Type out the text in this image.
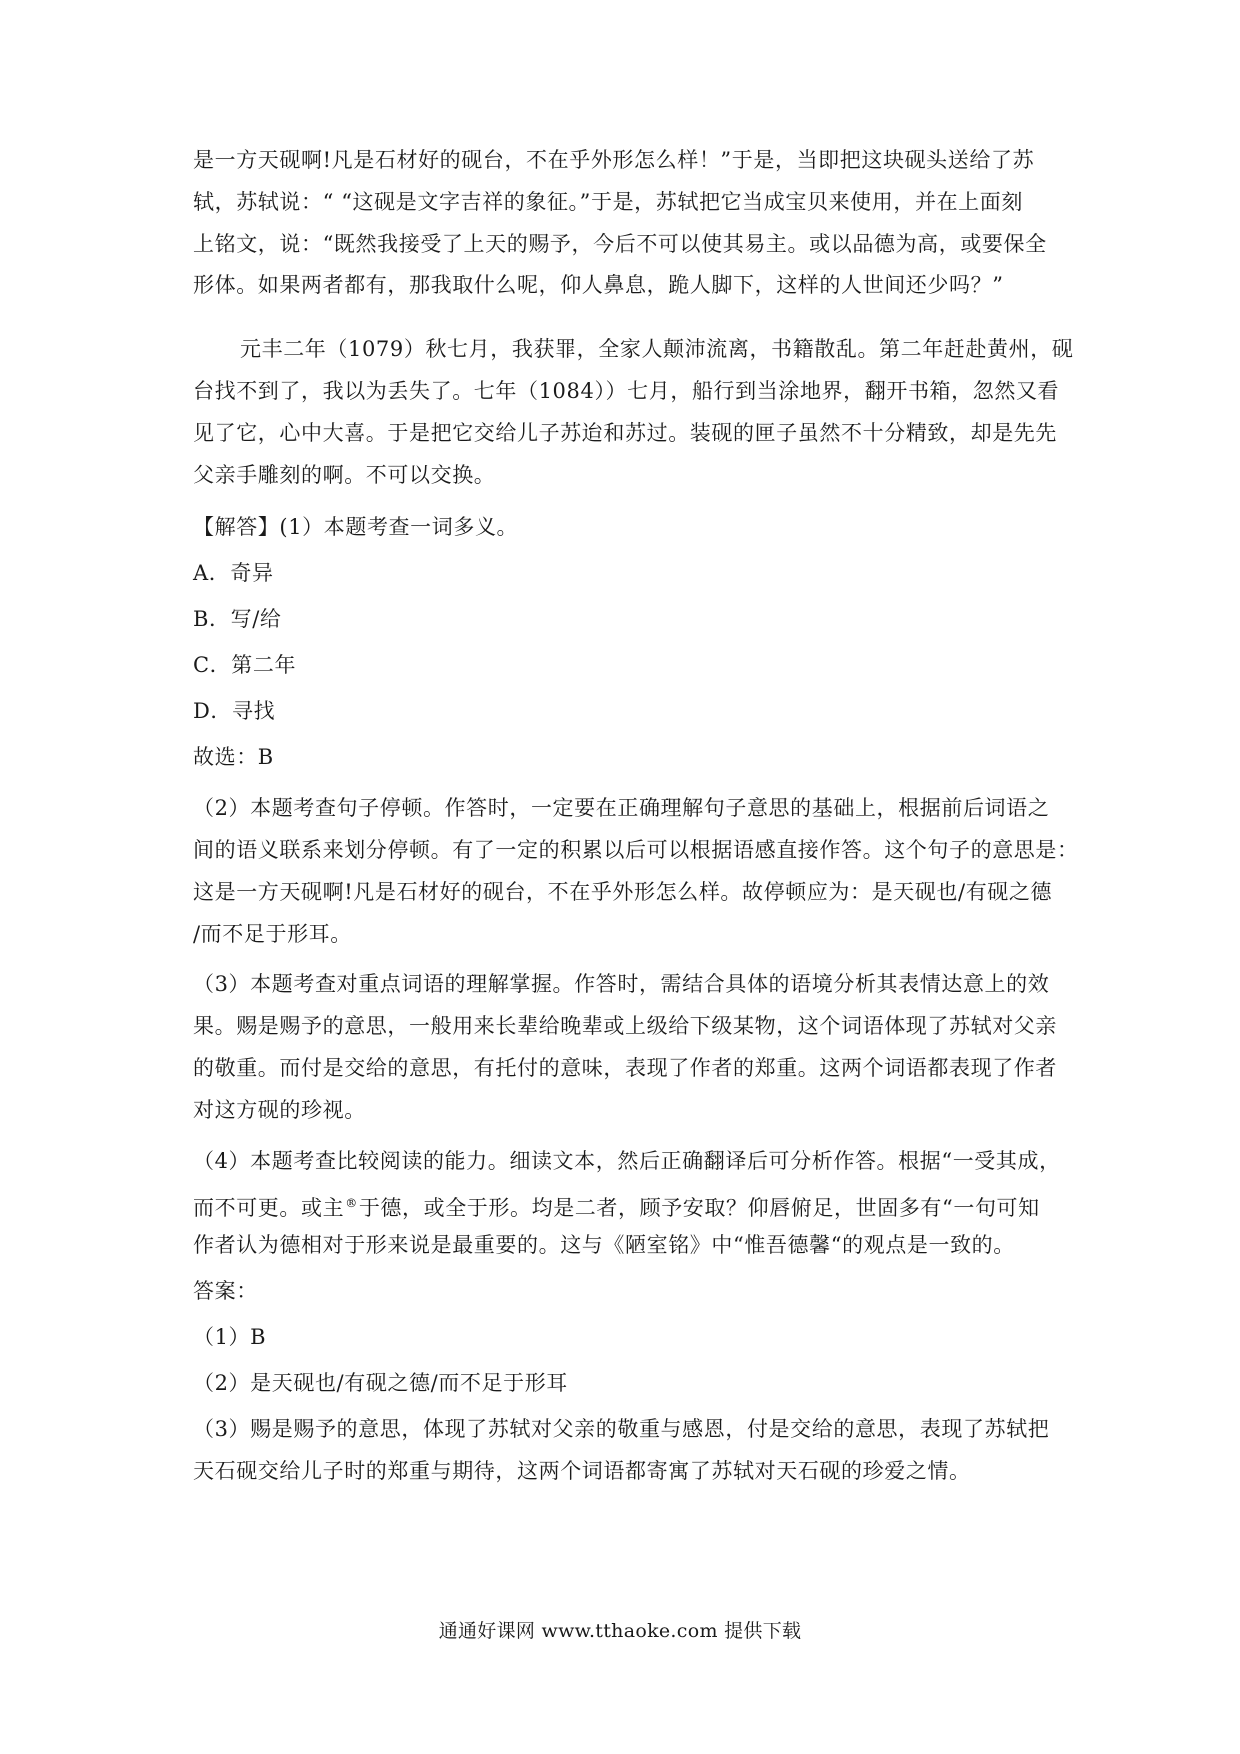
是一方天砚啊!凡是石材好的砚台，不在乎外形怎么样！”于是，当即把这块砚头送给了苏

轼，苏轼说：“ “这砚是文字吉祥的象征。”于是，苏轼把它当成宝贝来使用，并在上面刻

上铭文，说：“既然我接受了上天的赐予，今后不可以使其易主。或以品德为高，或要保全

形体。如果两者都有，那我取什么呢，仰人鼻息，跪人脚下，这样的人世间还少吗？”

元丰二年（1079）秋七月，我获罪，全家人颠沛流离，书籍散乱。第二年赶赴黄州，砚

台找不到了，我以为丢失了。七年（1084））七月，船行到当涂地界，翻开书箱，忽然又看

见了它，心中大喜。于是把它交给儿子苏迨和苏过。装砚的匣子虽然不十分精致，却是先先

父亲手雕刻的啊。不可以交换。

【解答】(1）本题考查一词多义。

A．奇异

B．写/给

C．第二年

D．寻找

故选：B

（2）本题考查句子停顿。作答时，一定要在正确理解句子意思的基础上，根据前后词语之

间的语义联系来划分停顿。有了一定的积累以后可以根据语感直接作答。这个句子的意思是：

这是一方天砚啊!凡是石材好的砚台，不在乎外形怎么样。故停顿应为：是天砚也/有砚之德

/而不足于形耳。

（3）本题考查对重点词语的理解掌握。作答时，需结合具体的语境分析其表情达意上的效

果。赐是赐予的意思，一般用来长辈给晚辈或上级给下级某物，这个词语体现了苏轼对父亲

的敬重。而付是交给的意思，有托付的意味，表现了作者的郑重。这两个词语都表现了作者

对这方砚的珍视。

（4）本题考查比较阅读的能力。细读文本，然后正确翻译后可分析作答。根据“一受其成，

而不可更。或主®于德，或全于形。均是二者，顾予安取？仰唇俯足，世固多有“一句可知

作者认为德相对于形来说是最重要的。这与《陋室铭》中“惟吾德馨“的观点是一致的。

答案：

（1）B

（2）是天砚也/有砚之德/而不足于形耳

（3）赐是赐予的意思，体现了苏轼对父亲的敬重与感恩，付是交给的意思，表现了苏轼把

天石砚交给儿子时的郑重与期待，这两个词语都寄寓了苏轼对天石砚的珍爱之情。

通通好课网 www.tthaoke.com 提供下载
